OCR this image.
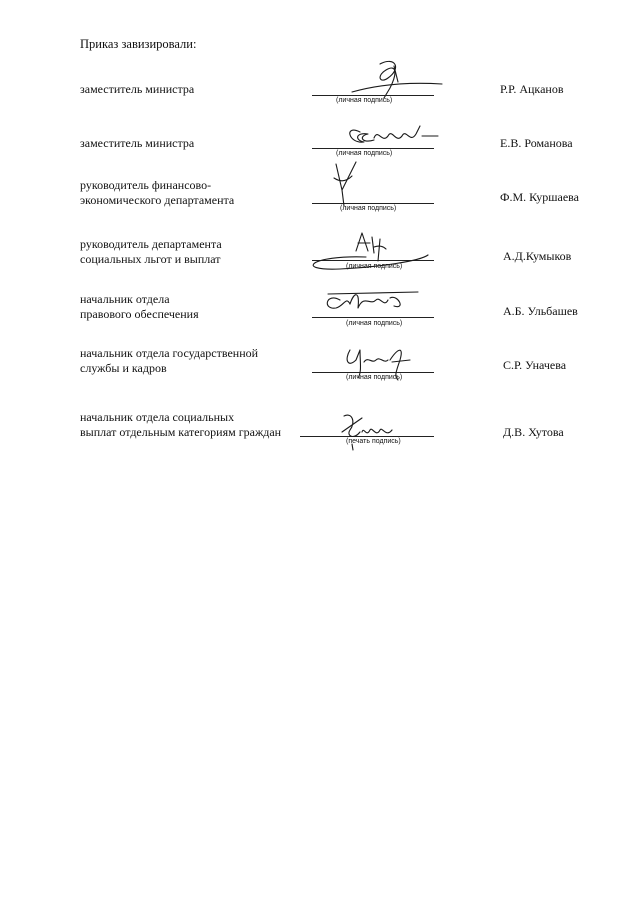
Приказ завизировали:
заместитель министра
(личная подпись)
Р.Р. Ацканов
заместитель министра
(личная подпись)
Е.В. Романова
руководитель финансово-
экономического департамента
(личная подпись)
Ф.М. Куршаева
руководитель департамента
социальных льгот и выплат
(личная подпись)
А.Д.Кумыков
начальник отдела
правового обеспечения
(личная подпись)
А.Б. Ульбашев
начальник отдела государственной
службы и кадров
(личная подпись)
С.Р. Уначева
начальник отдела социальных
выплат отдельным категориям граждан
(печать подпись)
Д.В. Хутова
